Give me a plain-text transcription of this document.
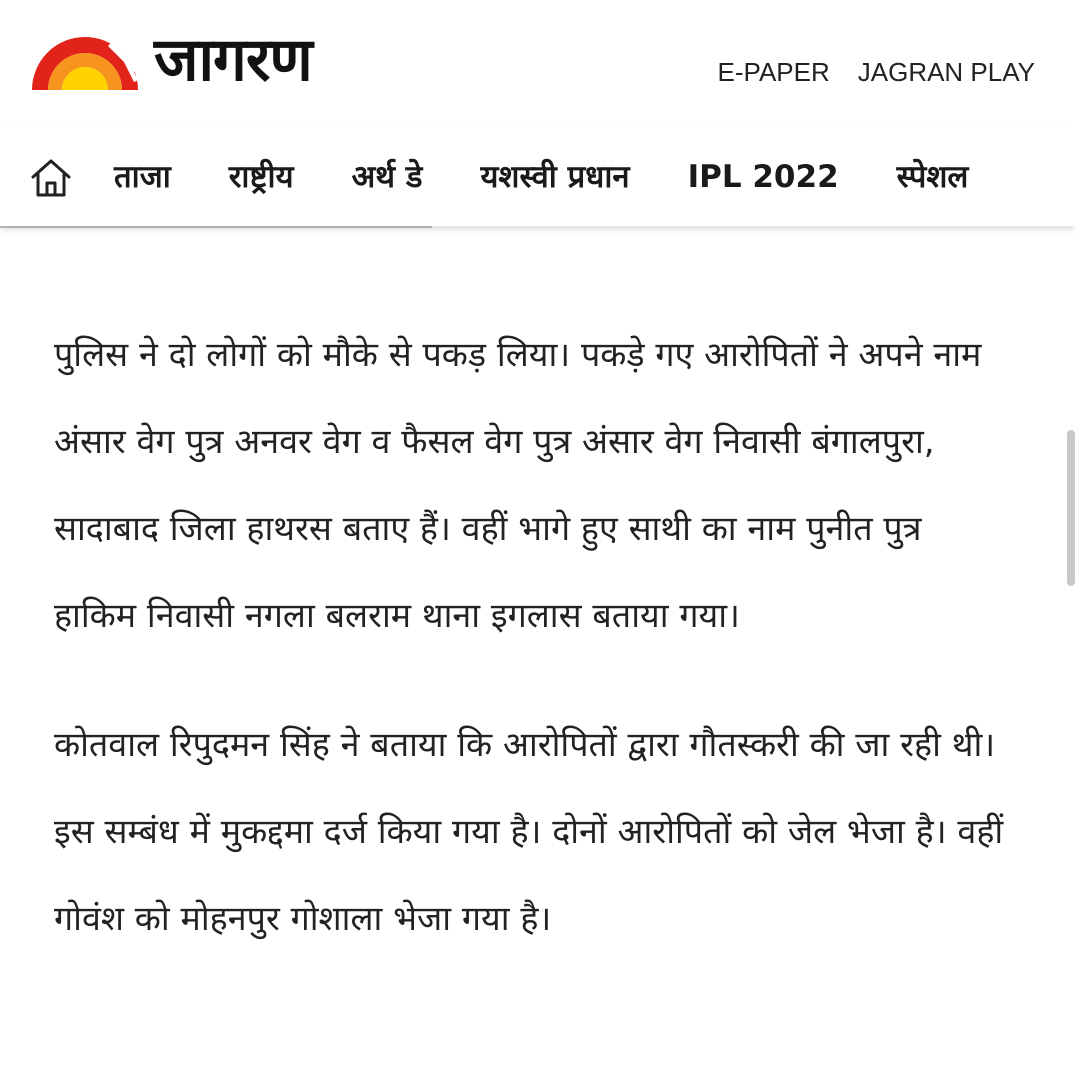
जागरण	E-PAPER JAGRAN PLAY
ताजा राष्ट्रीय अर्थ डे यशस्वी प्रधान IPL 2022 स्पेशल

पुलिस ने दो लोगों को मौके से पकड़ लिया। पकड़े गए आरोपितों ने अपने नाम अंसार वेग पुत्र अनवर वेग व फैसल वेग पुत्र अंसार वेग निवासी बंगालपुरा, सादाबाद जिला हाथरस बताए हैं। वहीं भागे हुए साथी का नाम पुनीत पुत्र हाकिम निवासी नगला बलराम थाना इगलास बताया गया।

कोतवाल रिपुदमन सिंह ने बताया कि आरोपितों द्वारा गौतस्करी की जा रही थी। इस सम्बंध में मुकद्दमा दर्ज किया गया है। दोनों आरोपितों को जेल भेजा है। वहीं गोवंश को मोहनपुर गोशाला भेजा गया है।
